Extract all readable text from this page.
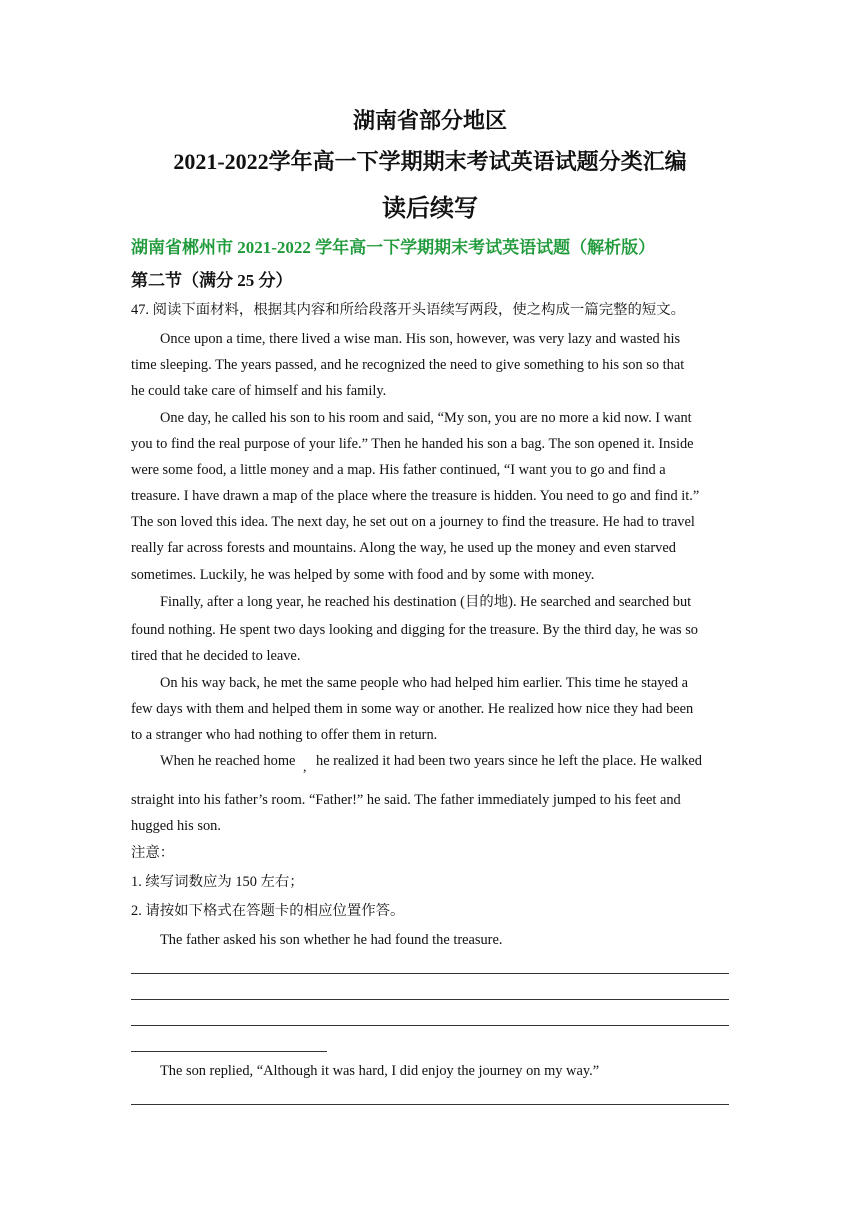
湖南省部分地区
2021-2022学年高一下学期期末考试英语试题分类汇编
读后续写
湖南省郴州市 2021-2022 学年高一下学期期末考试英语试题（解析版）
第二节（满分 25 分）
47. 阅读下面材料，根据其内容和所给段落开头语续写两段，使之构成一篇完整的短文。
Once upon a time, there lived a wise man. His son, however, was very lazy and wasted his
time sleeping. The years passed, and he recognized the need to give something to his son so that
he could take care of himself and his family.
One day, he called his son to his room and said, “My son, you are no more a kid now. I want
you to find the real purpose of your life.” Then he handed his son a bag. The son opened it. Inside
were some food, a little money and a map. His father continued, “I want you to go and find a
treasure. I have drawn a map of the place where the treasure is hidden. You need to go and find it.”
The son loved this idea. The next day, he set out on a journey to find the treasure. He had to travel
really far across forests and mountains. Along the way, he used up the money and even starved
sometimes. Luckily, he was helped by some with food and by some with money.
Finally, after a long year, he reached his destination (目的地). He searched and searched but
found nothing. He spent two days looking and digging for the treasure. By the third day, he was so
tired that he decided to leave.
On his way back, he met the same people who had helped him earlier. This time he stayed a
few days with them and helped them in some way or another. He realized how nice they had been
to a stranger who had nothing to offer them in return.
When he reached home , he realized it had been two years since he left the place. He walked
straight into his father’s room. “Father!” he said. The father immediately jumped to his feet and
hugged his son.
注意：
1. 续写词数应为 150 左右；
2. 请按如下格式在答题卡的相应位置作答。
The father asked his son whether he had found the treasure.
The son replied, “Although it was hard, I did enjoy the journey on my way.”
